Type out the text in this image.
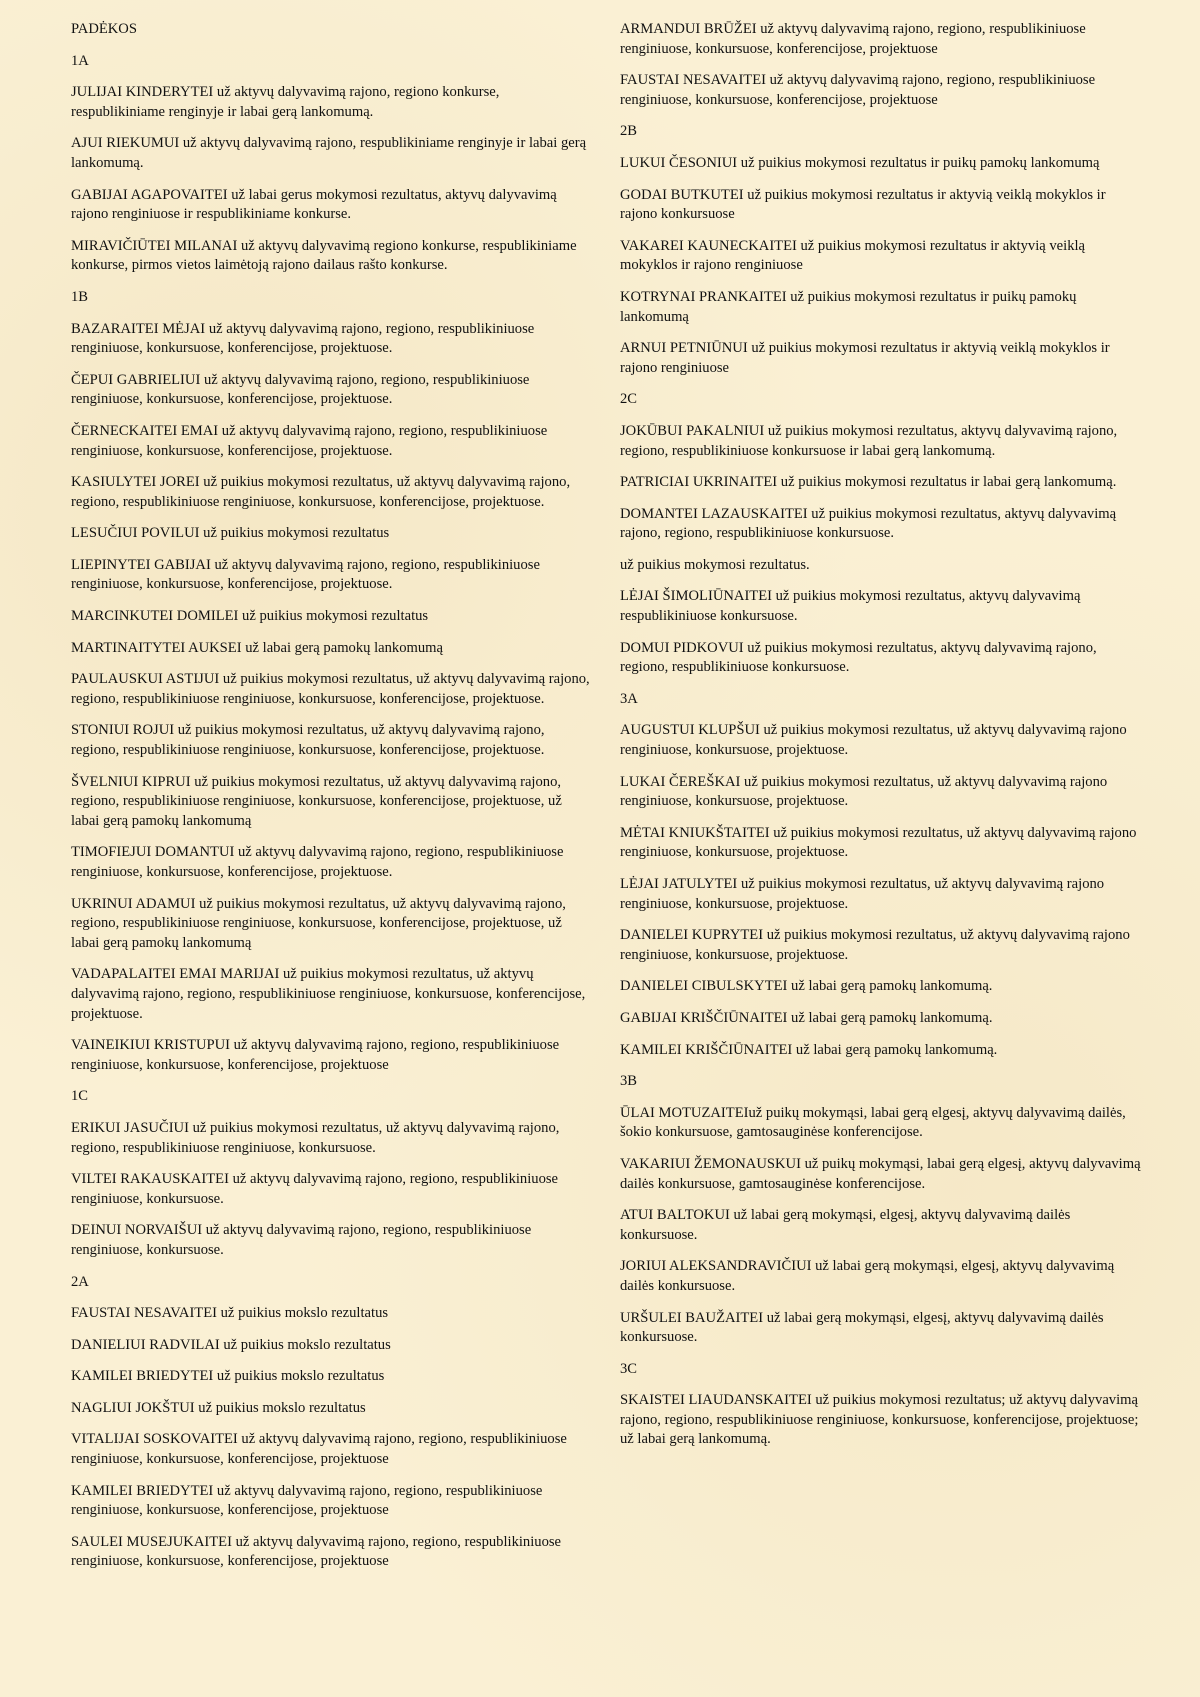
PADĖKOS
1A
JULIJAI KINDERYTEI už aktyvų dalyvavimą rajono, regiono konkurse, respublikiniame renginyje ir labai gerą lankomumą.
AJUI RIEKUMUI už aktyvų dalyvavimą rajono, respublikiniame renginyje ir labai gerą lankomumą.
GABIJAI AGAPOVAITEI už labai gerus mokymosi rezultatus, aktyvų dalyvavimą rajono renginiuose ir respublikiniame konkurse.
MIRAVIČIŪTEI MILANAI už aktyvų dalyvavimą regiono konkurse, respublikiniame konkurse, pirmos vietos laimėtoją rajono dailaus rašto konkurse.
1B
BAZARAITEI MĖJAI už aktyvų dalyvavimą rajono, regiono, respublikiniuose renginiuose, konkursuose, konferencijose, projektuose.
ČEPUI GABRIELIUI už aktyvų dalyvavimą rajono, regiono, respublikiniuose renginiuose, konkursuose, konferencijose, projektuose.
ČERNECKAITEI EMAI už aktyvų dalyvavimą rajono, regiono, respublikiniuose renginiuose, konkursuose, konferencijose, projektuose.
KASIULYTEI JOREI už puikius mokymosi rezultatus, už aktyvų dalyvavimą rajono, regiono, respublikiniuose renginiuose, konkursuose, konferencijose, projektuose.
LESUČIUI POVILUI už puikius mokymosi rezultatus
LIEPINYTEI GABIJAI už aktyvų dalyvavimą rajono, regiono, respublikiniuose renginiuose, konkursuose, konferencijose, projektuose.
MARCINKUTEI DOMILEI už puikius mokymosi rezultatus
MARTINAITYTEI AUKSEI už labai gerą pamokų lankomumą
PAULAUSKUI ASTIJUI už puikius mokymosi rezultatus, už aktyvų dalyvavimą rajono, regiono, respublikiniuose renginiuose, konkursuose, konferencijose, projektuose.
STONIUI ROJUI už puikius mokymosi rezultatus, už aktyvų dalyvavimą rajono, regiono, respublikiniuose renginiuose, konkursuose, konferencijose, projektuose.
ŠVELNIUI KIPRUI už puikius mokymosi rezultatus, už aktyvų dalyvavimą rajono, regiono, respublikiniuose renginiuose, konkursuose, konferencijose, projektuose, už labai gerą pamokų lankomumą
TIMOFIEJUI DOMANTUI už aktyvų dalyvavimą rajono, regiono, respublikiniuose renginiuose, konkursuose, konferencijose, projektuose.
UKRINUI ADAMUI už puikius mokymosi rezultatus, už aktyvų dalyvavimą rajono, regiono, respublikiniuose renginiuose, konkursuose, konferencijose, projektuose, už labai gerą pamokų lankomumą
VADAPALAITEI EMAI MARIJAI už puikius mokymosi rezultatus, už aktyvų dalyvavimą rajono, regiono, respublikiniuose renginiuose, konkursuose, konferencijose, projektuose.
VAINEIKIUI KRISTUPUI už aktyvų dalyvavimą rajono, regiono, respublikiniuose renginiuose, konkursuose, konferencijose, projektuose
1C
ERIKUI JASUČIUI už puikius mokymosi rezultatus, už aktyvų dalyvavimą rajono, regiono, respublikiniuose renginiuose, konkursuose.
VILTEI RAKAUSKAITEI už aktyvų dalyvavimą rajono, regiono, respublikiniuose renginiuose, konkursuose.
DEINUI NORVAIŠUI už aktyvų dalyvavimą rajono, regiono, respublikiniuose renginiuose, konkursuose.
2A
FAUSTAI NESAVAITEI už puikius mokslo rezultatus
DANIELIUI RADVILAI už puikius mokslo rezultatus
KAMILEI BRIEDYTEI už puikius mokslo rezultatus
NAGLIUI JOKŠTUI už puikius mokslo rezultatus
VITALIJAI SOSKOVAITEI už aktyvų dalyvavimą rajono, regiono, respublikiniuose renginiuose, konkursuose, konferencijose, projektuose
KAMILEI BRIEDYTEI už aktyvų dalyvavimą rajono, regiono, respublikiniuose renginiuose, konkursuose, konferencijose, projektuose
SAULEI MUSEJUKAITEI už aktyvų dalyvavimą rajono, regiono, respublikiniuose renginiuose, konkursuose, konferencijose, projektuose
ARMANDUI BRŪŽEI už aktyvų dalyvavimą rajono, regiono, respublikiniuose renginiuose, konkursuose, konferencijose, projektuose
FAUSTAI NESAVAITEI už aktyvų dalyvavimą rajono, regiono, respublikiniuose renginiuose, konkursuose, konferencijose, projektuose
2B
LUKUI ČESONIUI už puikius mokymosi rezultatus ir puikų pamokų lankomumą
GODAI BUTKUTEI už puikius mokymosi rezultatus ir aktyvią veiklą mokyklos ir rajono konkursuose
VAKAREI KAUNECKAITEI už puikius mokymosi rezultatus ir aktyvią veiklą mokyklos ir rajono renginiuose
KOTRYNAI PRANKAITEI už puikius mokymosi rezultatus ir puikų pamokų lankomumą
ARNUI PETNIŪNUI už puikius mokymosi rezultatus ir aktyvią veiklą mokyklos ir rajono renginiuose
2C
JOKŪBUI PAKALNIUI už puikius mokymosi rezultatus, aktyvų dalyvavimą rajono, regiono, respublikiniuose konkursuose ir labai gerą lankomumą.
PATRICIAI UKRINAITEI už puikius mokymosi rezultatus ir labai gerą lankomumą.
DOMANTEI LAZAUSKAITEI už puikius mokymosi rezultatus, aktyvų dalyvavimą rajono, regiono, respublikiniuose konkursuose.
už puikius mokymosi rezultatus.
LĖJAI ŠIMOLIŪNAITEI už puikius mokymosi rezultatus, aktyvų dalyvavimą respublikiniuose konkursuose.
DOMUI PIDKOVUI už puikius mokymosi rezultatus, aktyvų dalyvavimą rajono, regiono, respublikiniuose konkursuose.
3A
AUGUSTUI KLUPŠUI už puikius mokymosi rezultatus, už aktyvų dalyvavimą rajono renginiuose, konkursuose, projektuose.
LUKAI ČEREŠKAI už puikius mokymosi rezultatus, už aktyvų dalyvavimą rajono renginiuose, konkursuose, projektuose.
MĖTAI KNIUKŠTAITEI už puikius mokymosi rezultatus, už aktyvų dalyvavimą rajono renginiuose, konkursuose, projektuose.
LĖJAI JATULYTEI už puikius mokymosi rezultatus, už aktyvų dalyvavimą rajono renginiuose, konkursuose, projektuose.
DANIELEI KUPRYTEI už puikius mokymosi rezultatus, už aktyvų dalyvavimą rajono renginiuose, konkursuose, projektuose.
DANIELEI CIBULSKYTEI už labai gerą pamokų lankomumą.
GABIJAI KRIŠČIŪNAITEI už labai gerą pamokų lankomumą.
KAMILEI KRIŠČIŪNAITEI už labai gerą pamokų lankomumą.
3B
ŪLAI MOTUZAITEIuž puikų mokymąsi, labai gerą elgesį, aktyvų dalyvavimą dailės, šokio konkursuose, gamtosauginėse konferencijose.
VAKARIUI ŽEMONAUSKUI už puikų mokymąsi, labai gerą elgesį, aktyvų dalyvavimą dailės konkursuose, gamtosauginėse konferencijose.
ATUI BALTOKUI už labai gerą mokymąsi, elgesį, aktyvų dalyvavimą dailės konkursuose.
JORIUI ALEKSANDRAVIČIUI už labai gerą mokymąsi, elgesį, aktyvų dalyvavimą dailės konkursuose.
URŠULEI BAUŽAITEI už labai gerą mokymąsi, elgesį, aktyvų dalyvavimą dailės konkursuose.
3C
SKAISTEI LIAUDANSKAITEI už puikius mokymosi rezultatus; už aktyvų dalyvavimą rajono, regiono, respublikiniuose renginiuose, konkursuose, konferencijose, projektuose; už labai gerą lankomumą.
